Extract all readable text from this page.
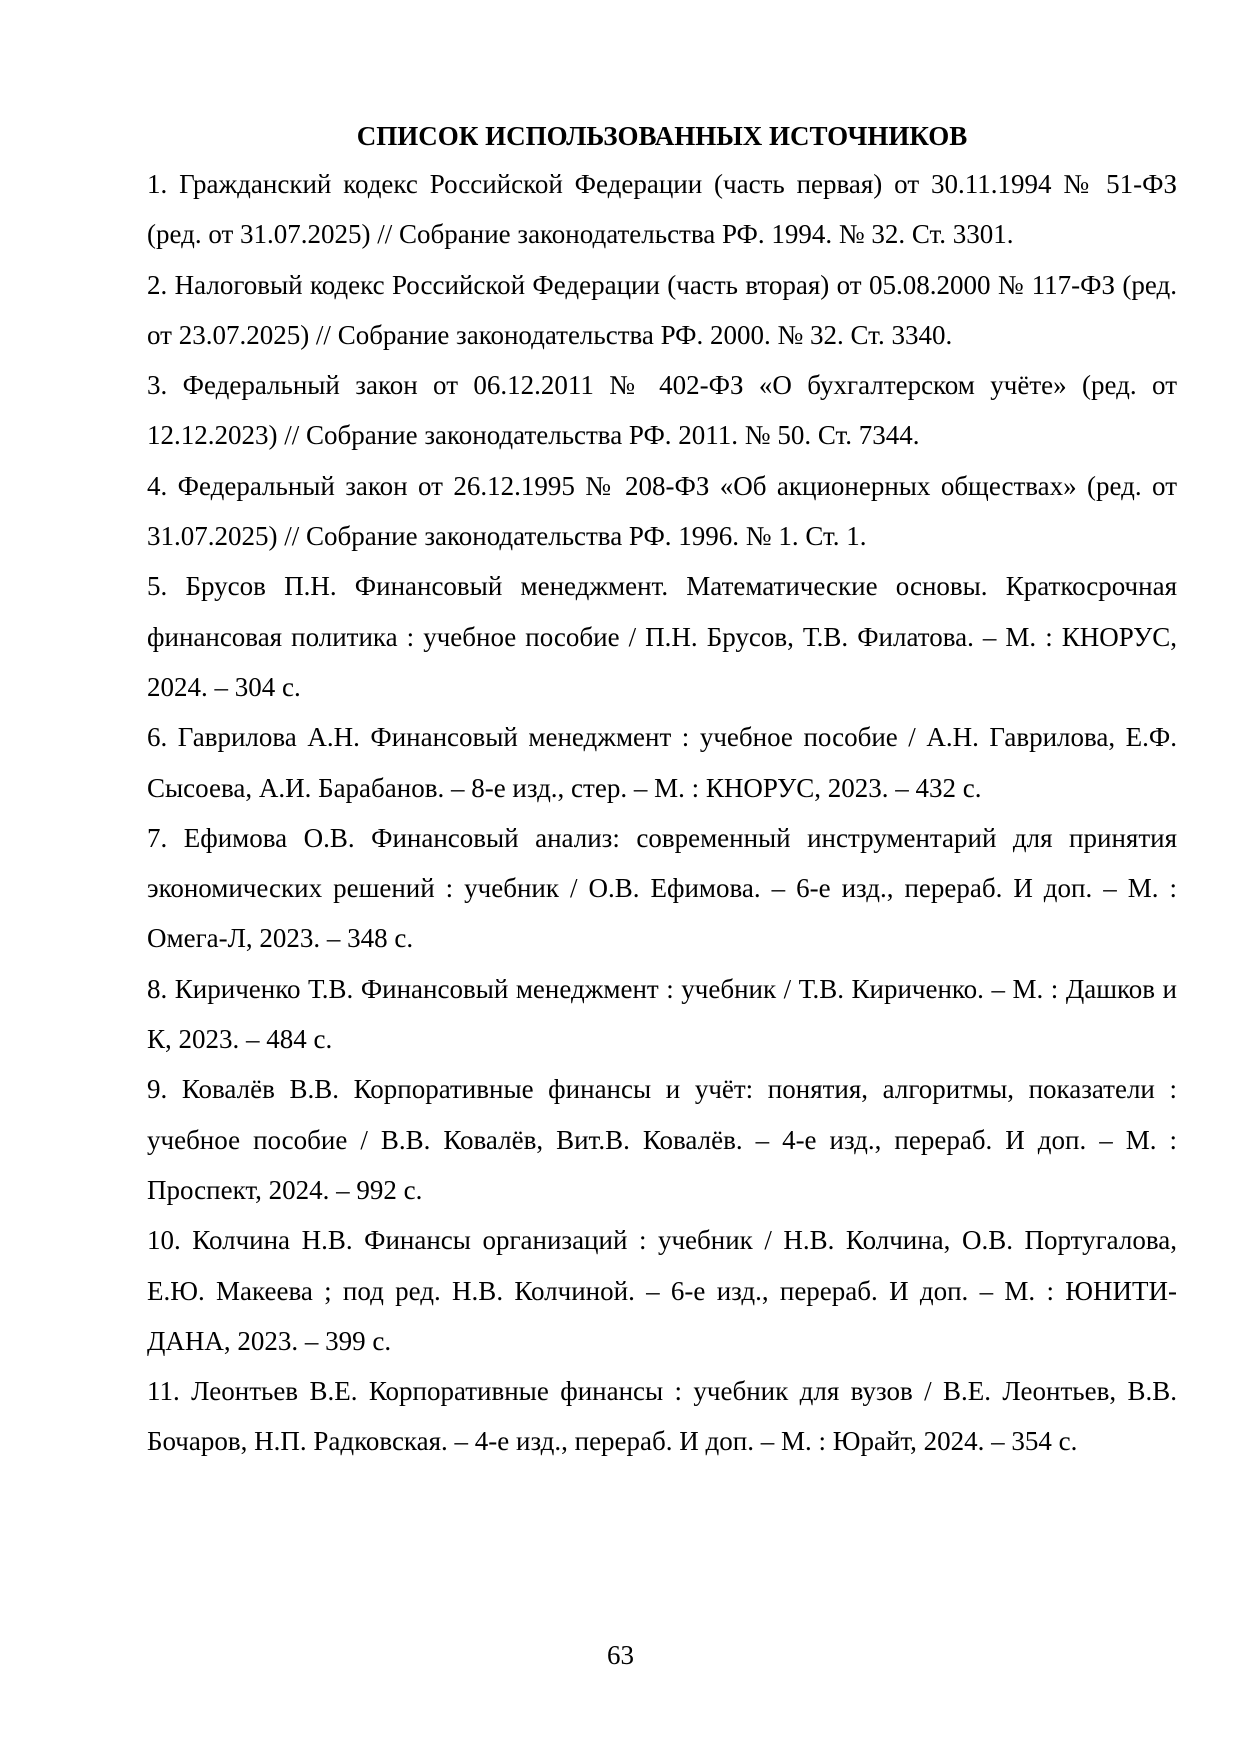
СПИСОК ИСПОЛЬЗОВАННЫХ ИСТОЧНИКОВ
1. Гражданский кодекс Российской Федерации (часть первая) от 30.11.1994 № 51-ФЗ (ред. от 31.07.2025) // Собрание законодательства РФ. 1994. № 32. Ст. 3301.
2. Налоговый кодекс Российской Федерации (часть вторая) от 05.08.2000 № 117-ФЗ (ред. от 23.07.2025) // Собрание законодательства РФ. 2000. № 32. Ст. 3340.
3. Федеральный закон от 06.12.2011 № 402-ФЗ «О бухгалтерском учёте» (ред. от 12.12.2023) // Собрание законодательства РФ. 2011. № 50. Ст. 7344.
4. Федеральный закон от 26.12.1995 № 208-ФЗ «Об акционерных обществах» (ред. от 31.07.2025) // Собрание законодательства РФ. 1996. № 1. Ст. 1.
5. Брусов П.Н. Финансовый менеджмент. Математические основы. Краткосрочная финансовая политика : учебное пособие / П.Н. Брусов, Т.В. Филатова. – М. : КНОРУС, 2024. – 304 с.
6. Гаврилова А.Н. Финансовый менеджмент : учебное пособие / А.Н. Гаврилова, Е.Ф. Сысоева, А.И. Барабанов. – 8-е изд., стер. – М. : КНОРУС, 2023. – 432 с.
7. Ефимова О.В. Финансовый анализ: современный инструментарий для принятия экономических решений : учебник / О.В. Ефимова. – 6-е изд., перераб. И доп. – М. : Омега-Л, 2023. – 348 с.
8. Кириченко Т.В. Финансовый менеджмент : учебник / Т.В. Кириченко. – М. : Дашков и К, 2023. – 484 с.
9. Ковалёв В.В. Корпоративные финансы и учёт: понятия, алгоритмы, показатели : учебное пособие / В.В. Ковалёв, Вит.В. Ковалёв. – 4-е изд., перераб. И доп. – М. : Проспект, 2024. – 992 с.
10. Колчина Н.В. Финансы организаций : учебник / Н.В. Колчина, О.В. Португалова, Е.Ю. Макеева ; под ред. Н.В. Колчиной. – 6-е изд., перераб. И доп. – М. : ЮНИТИ-ДАНА, 2023. – 399 с.
11. Леонтьев В.Е. Корпоративные финансы : учебник для вузов / В.Е. Леонтьев, В.В. Бочаров, Н.П. Радковская. – 4-е изд., перераб. И доп. – М. : Юрайт, 2024. – 354 с.
63
